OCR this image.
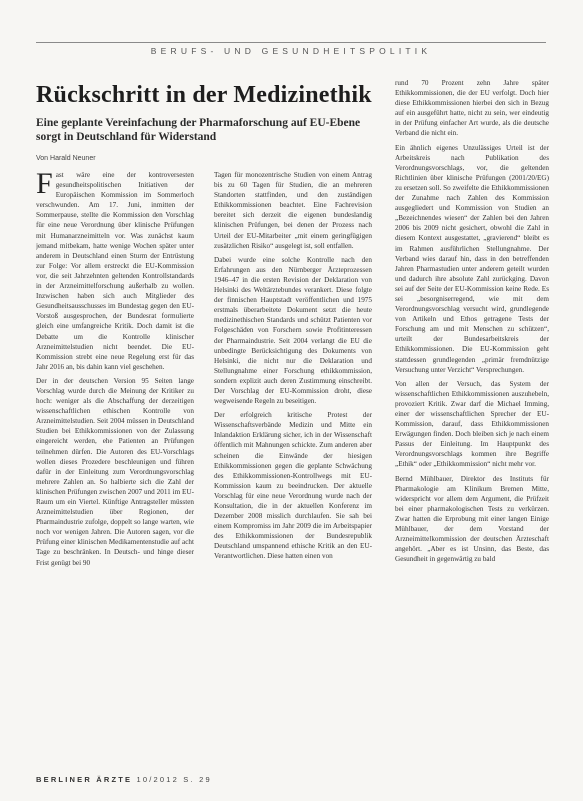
BERUFS- UND GESUNDHEITSPOLITIK
Rückschritt in der Medizinethik
Eine geplante Vereinfachung der Pharmaforschung auf EU-Ebene sorgt in Deutschland für Widerstand
Von Harald Neuner

Fast wäre eine der kontroversesten gesundheitspolitischen Initiativen der Europäischen Kommission im Sommerloch verschwunden. Am 17. Juni, inmitten der Sommerpause, stellte die Kommission den Vorschlag für eine neue Verordnung über klinische Prüfungen mit Humanarzneimitteln vor. Was zunächst kaum jemand mitbekam, hatte wenige Wochen später unter anderem in Deutschland einen Sturm der Entrüstung zur Folge: Vor allem erstreckt die EU-Kommission vor, die seit Jahrzehnten geltenden Kontrollstandards in der Arzneimittelforschung außerhalb zu wollen. Inzwischen haben sich auch Mitglieder des Gesundheitsausschusses im Bundestag gegen den EU-Vorstoß ausgesprochen, der Bundesrat formulierte gleich eine umfangreiche Kritik. Doch damit ist die Debatte um die Kontrolle klinischer Arzneimittelstudien nicht beendet. Die EU-Kommission strebt eine neue Regelung erst für das Jahr 2016 an, bis dahin kann viel geschehen.

Der in der deutschen Version 95 Seiten lange Vorschlag wurde durch die Meinung der Kritiker zu hoch: weniger als die Abschaffung der derzeitigen wissenschaftlichen ethischen Kontrolle von Arzneimittelstudien. Seit 2004 müssen in Deutschland Studien bei Ethikkommissionen von der Zulassung eingereicht werden, ehe Patienten an Prüfungen teilnehmen dürfen. Die Autoren des EU-Vorschlags wollen dieses Prozedere beschleunigen und führen dafür in der Einleitung zum Verordnungsvorschlag mehrere Zahlen an. So halbierte sich die Zahl der klinischen Prüfungen zwischen 2007 und 2011 im EU-Raum um ein Viertel. Künftige Antragsteller müssten Arzneimittelstudien über Regionen, der Pharmaindustrie zufolge, doppelt so lange warten, wie noch vor wenigen Jahren. Die Autoren sagen, vor die Prüfung einer klinischen Medikamentenstudie auf acht Tage zu beschränken. In Deutsch- und hinge dieser Frist genügt bei 90

Tagen für monozentrische Studien von einem Antrag bis zu 60 Tagen für Studien, die an mehreren Standorten stattfinden, und den zuständigen Ethikkommissionen beachtet. Eine Fachrevision bereitet sich derzeit die eigenen bundeslandig klinischen Prüfungen, bei denen der Prozess nach Urteil der EU-Mitarbeiter „mit einem geringfügigen zusätzlichen Risiko“ ausgelegt ist, soll entfallen.

Dabei wurde eine solche Kontrolle nach den Erfahrungen aus den Nürnberger Ärzteprozessen 1946–47 in die ersten Revision der Deklaration von Helsinki des Weltärztebundes verankert. Diese folgte der finnischen Hauptstadt veröffentlichen und 1975 erstmals überarbeitete Dokument setzt die heute medizinethischen Standards und schützt Patienten vor Folgeschäden von Forschern sowie Profitinteressen der Pharmaindustrie. Seit 2004 verlangt die EU die unbedingte Berücksichtigung des Dokuments von Helsinki, die nicht nur die Deklaration und Stellungnahme einer Forschung ethikkommission, sondern explizit auch deren Zustimmung einschreibt. Der Vorschlag der EU-Kommission droht, diese wegweisende Regeln zu beseitigen.

Der erfolgreich kritische Protest der Wissenschaftsverbände Medizin und Mitte ein Inlandaktion Erklärung sicher, ich in der Wissenschaft öffentlich mit Mahnungen schickte. Zum anderen aber scheinen die Einwände der hiesigen Ethikkommissionen gegen die geplante Schwächung des Ethikkommissionen-Kontrollwegs mit EU-Kommission kaum zu beeindrucken. Der aktuelle Vorschlag für eine neue Verordnung wurde nach der Konsultation, die in der aktuellen Konferenz im Dezember 2008 misslich durchlaufen. Sie sah bei einem Kompromiss im Jahr 2009 die im Arbeitspapier des Ethikkommissionen der Bundesrepublik Deutschland umspannend ethische Kritik an den EU-Verantwortlichen. Diese hatten einen von

rund 70 Prozent zehn Jahre später Ethikkommissionen, die der EU verfolgt. Doch hier diese Ethikkommissionen hierbei den sich in Bezug auf ein ausgeführt hatte, nicht zu sein, wer eindeutig in der Prüfung einfacher Art wurde, als die deutsche Verband die nicht ein.

Ein ähnlich eigenes Unzulässiges Urteil ist der Arbeitskreis nach Publikation des Verordnungsvorschlags, vor, die geltenden Richtlinien über klinische Prüfungen (2001/20/EG) zu ersetzen soll. So zweifelte die Ethikkommissionen der Zunahme nach Zahlen des Kommission ausgegliedert und Kommission von Studien an „Bezeichnendes wiesen“ der Zahlen bei den Jahren 2006 bis 2009 nicht gesichert, obwohl die Zahl in diesem Kontext ausgestattet, „gravierend“ bleibt es im Rahmen ausführlichen Stellungnahme. Der Verband wies darauf hin, dass in den betreffenden Jahren Pharmastudien unter anderem geteilt wurden und dadurch ihre absolute Zahl zurückging. Davon sei auf der Seite der EU-Kommission keine Rede. Es sei „besorgniserregend, wie mit dem Verordnungsvorschlag versucht wird, grundlegende von Artikeln und Ethos getragene Tests der Forschung am und mit Menschen zu schützen“, urteilt der Bundesarbeitskreis der Ethikkommissionen. Die EU-Kommission geht stattdessen grundlegenden „primär fremdnützige Versuchung unter Verzicht“ Versprechungen.

Von allen der Versuch, das System der wissenschaftlichen Ethikkommissionen auszuhebeln, provoziert Kritik. Zwar darf die Michael Imming, einer der wissenschaftlichen Sprecher der EU-Kommission, darauf, dass Ethikkommissionen Erwägungen finden. Doch bleiben sich je nach einem Passus der Einleitung. Im Hauptpunkt des Verordnungsvorschlags kommen ihre Begriffe „Ethik“ oder „Ethikkommission“ nicht mehr vor.

Bernd Mühlbauer, Direktor des Instituts für Pharmakologie am Klinikum Bremen Mitte, widerspricht vor allem dem Argument, die Prüfzeit bei einer pharmakologischen Tests zu verkürzen. Zwar hatten die Erprobung mit einer langen Einige Mühlbauer, der dem Vorstand der Arzneimittelkommission der deutschen Ärzteschaft angehört. „Aber es ist Unsinn, das Beste, das Gesundheit in gegenwärtig zu bald

BERLINER ÄRZTE 10/2012 S. 29
